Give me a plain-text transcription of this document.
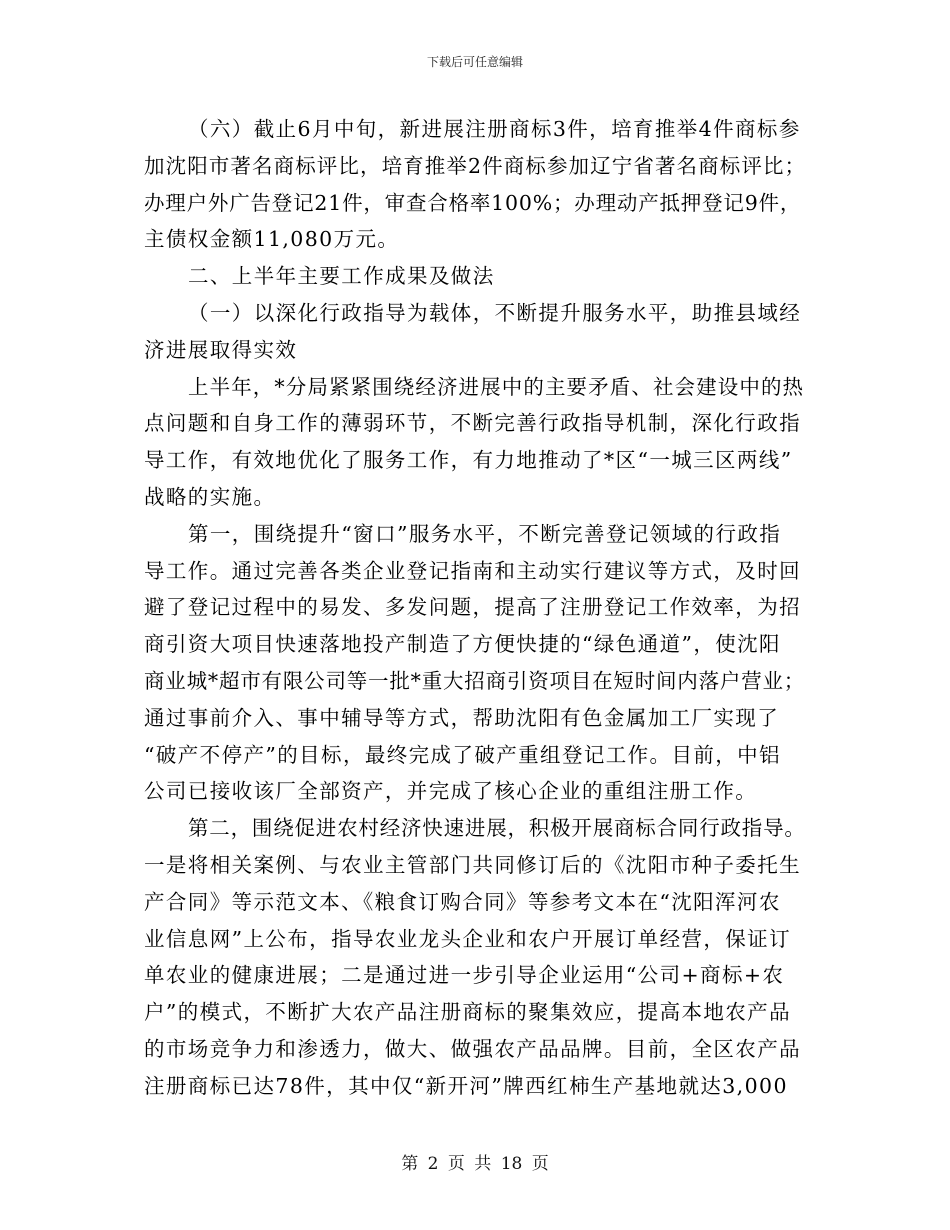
下载后可任意编辑
（六）截止6月中旬，新进展注册商标3件，培育推举4件商标参
加沈阳市著名商标评比，培育推举2件商标参加辽宁省著名商标评比；
办理户外广告登记21件，审查合格率100%；办理动产抵押登记9件，
主债权金额11,080万元。
二、上半年主要工作成果及做法
（一）以深化行政指导为载体，不断提升服务水平，助推县域经
济进展取得实效
上半年，*分局紧紧围绕经济进展中的主要矛盾、社会建设中的热
点问题和自身工作的薄弱环节，不断完善行政指导机制，深化行政指
导工作，有效地优化了服务工作，有力地推动了*区“一城三区两线”
战略的实施。
第一，围绕提升“窗口”服务水平，不断完善登记领域的行政指
导工作。通过完善各类企业登记指南和主动实行建议等方式，及时回
避了登记过程中的易发、多发问题，提高了注册登记工作效率，为招
商引资大项目快速落地投产制造了方便快捷的“绿色通道”，使沈阳
商业城*超市有限公司等一批*重大招商引资项目在短时间内落户营业；
通过事前介入、事中辅导等方式，帮助沈阳有色金属加工厂实现了
“破产不停产”的目标，最终完成了破产重组登记工作。目前，中铝
公司已接收该厂全部资产，并完成了核心企业的重组注册工作。
第二，围绕促进农村经济快速进展，积极开展商标合同行政指导。
一是将相关案例、与农业主管部门共同修订后的《沈阳市种子委托生
产合同》等示范文本、《粮食订购合同》等参考文本在“沈阳浑河农
业信息网”上公布，指导农业龙头企业和农户开展订单经营，保证订
单农业的健康进展；二是通过进一步引导企业运用“公司+商标+农
户”的模式，不断扩大农产品注册商标的聚集效应，提高本地农产品
的市场竞争力和渗透力，做大、做强农产品品牌。目前，全区农产品
注册商标已达78件，其中仅“新开河”牌西红柿生产基地就达3,000
第 2 页 共 18 页
